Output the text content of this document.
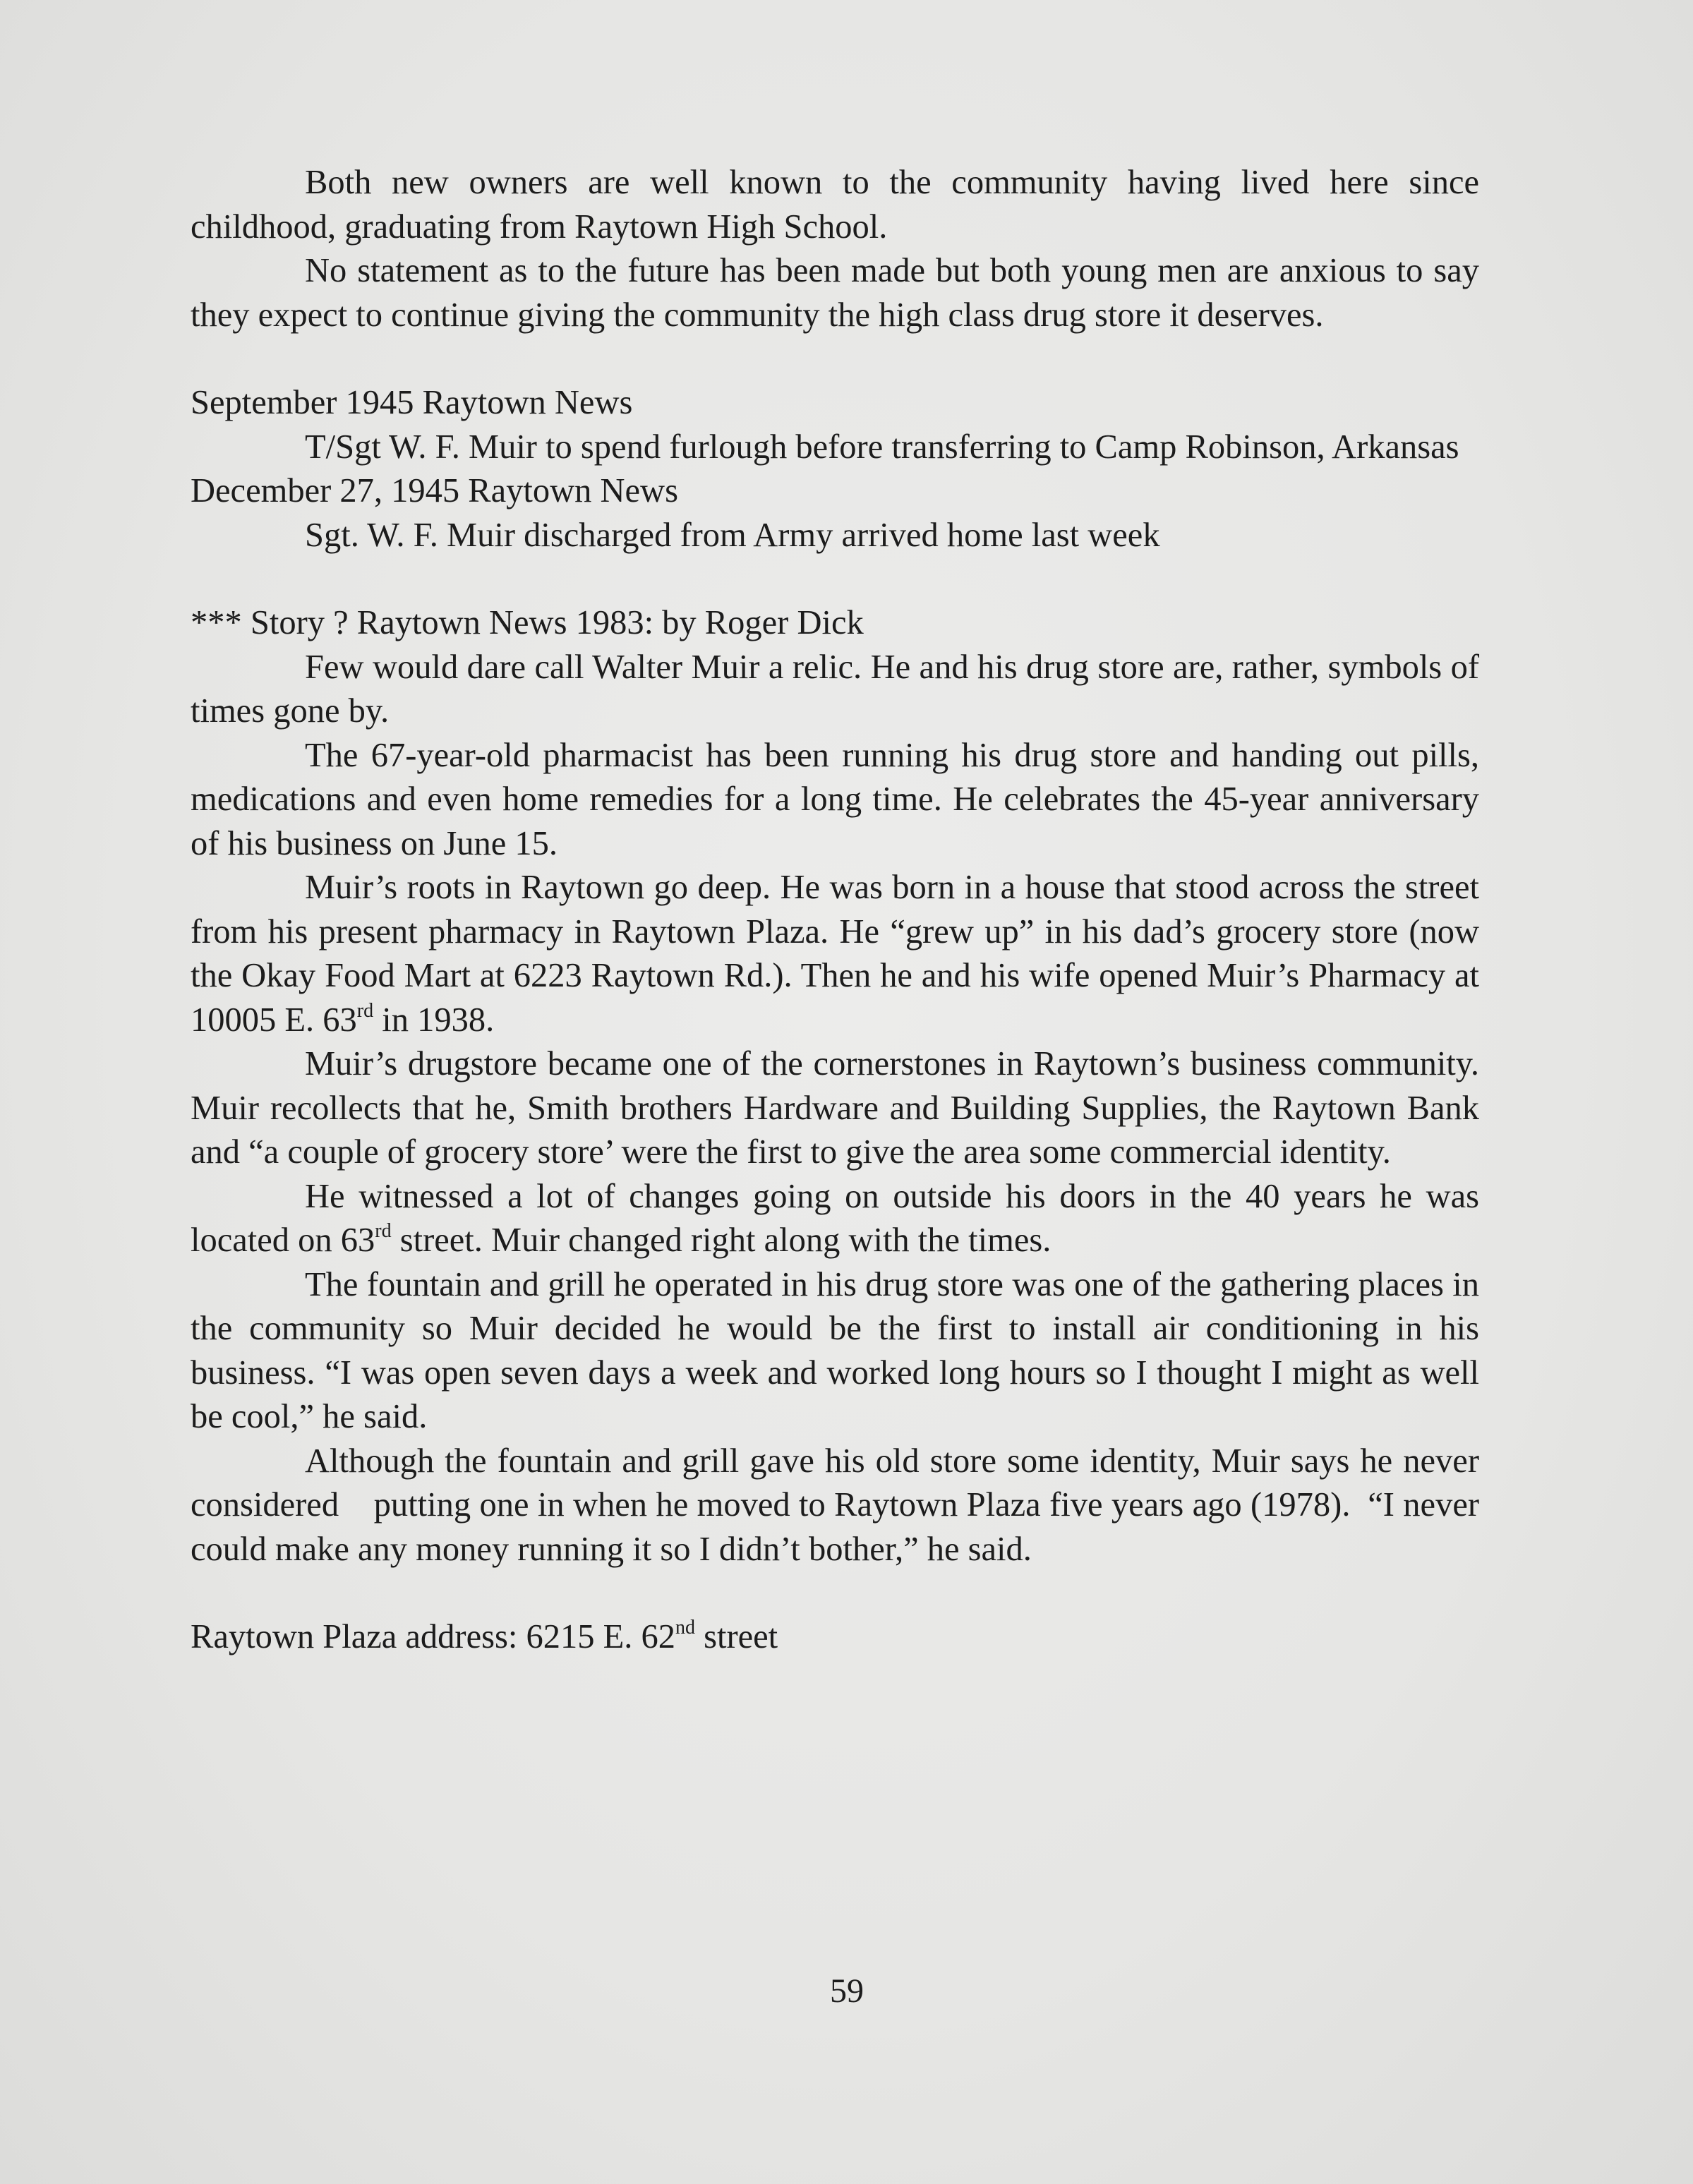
Both new owners are well known to the community having lived here since childhood, graduating from Raytown High School.

No statement as to the future has been made but both young men are anxious to say they expect to continue giving the community the high class drug store it deserves.

September 1945 Raytown News

T/Sgt W. F. Muir to spend furlough before transferring to Camp Robinson, Arkansas

December 27, 1945 Raytown News

Sgt. W. F. Muir discharged from Army arrived home last week

*** Story ? Raytown News 1983: by Roger Dick

Few would dare call Walter Muir a relic. He and his drug store are, rather, symbols of times gone by.

The 67-year-old pharmacist has been running his drug store and handing out pills, medications and even home remedies for a long time. He celebrates the 45-year anniversary of his business on June 15.

Muir’s roots in Raytown go deep. He was born in a house that stood across the street from his present pharmacy in Raytown Plaza. He “grew up” in his dad’s grocery store (now the Okay Food Mart at 6223 Raytown Rd.). Then he and his wife opened Muir’s Pharmacy at 10005 E. 63rd in 1938.

Muir’s drugstore became one of the cornerstones in Raytown’s business community. Muir recollects that he, Smith brothers Hardware and Building Supplies, the Raytown Bank and “a couple of grocery store’ were the first to give the area some commercial identity.

He witnessed a lot of changes going on outside his doors in the 40 years he was located on 63rd street. Muir changed right along with the times.

The fountain and grill he operated in his drug store was one of the gathering places in the community so Muir decided he would be the first to install air conditioning in his business. “I was open seven days a week and worked long hours so I thought I might as well be cool,” he said.

Although the fountain and grill gave his old store some identity, Muir says he never considered    putting one in when he moved to Raytown Plaza five years ago (1978).  “I never could make any money running it so I didn’t bother,” he said.

Raytown Plaza address: 6215 E. 62nd street

59
